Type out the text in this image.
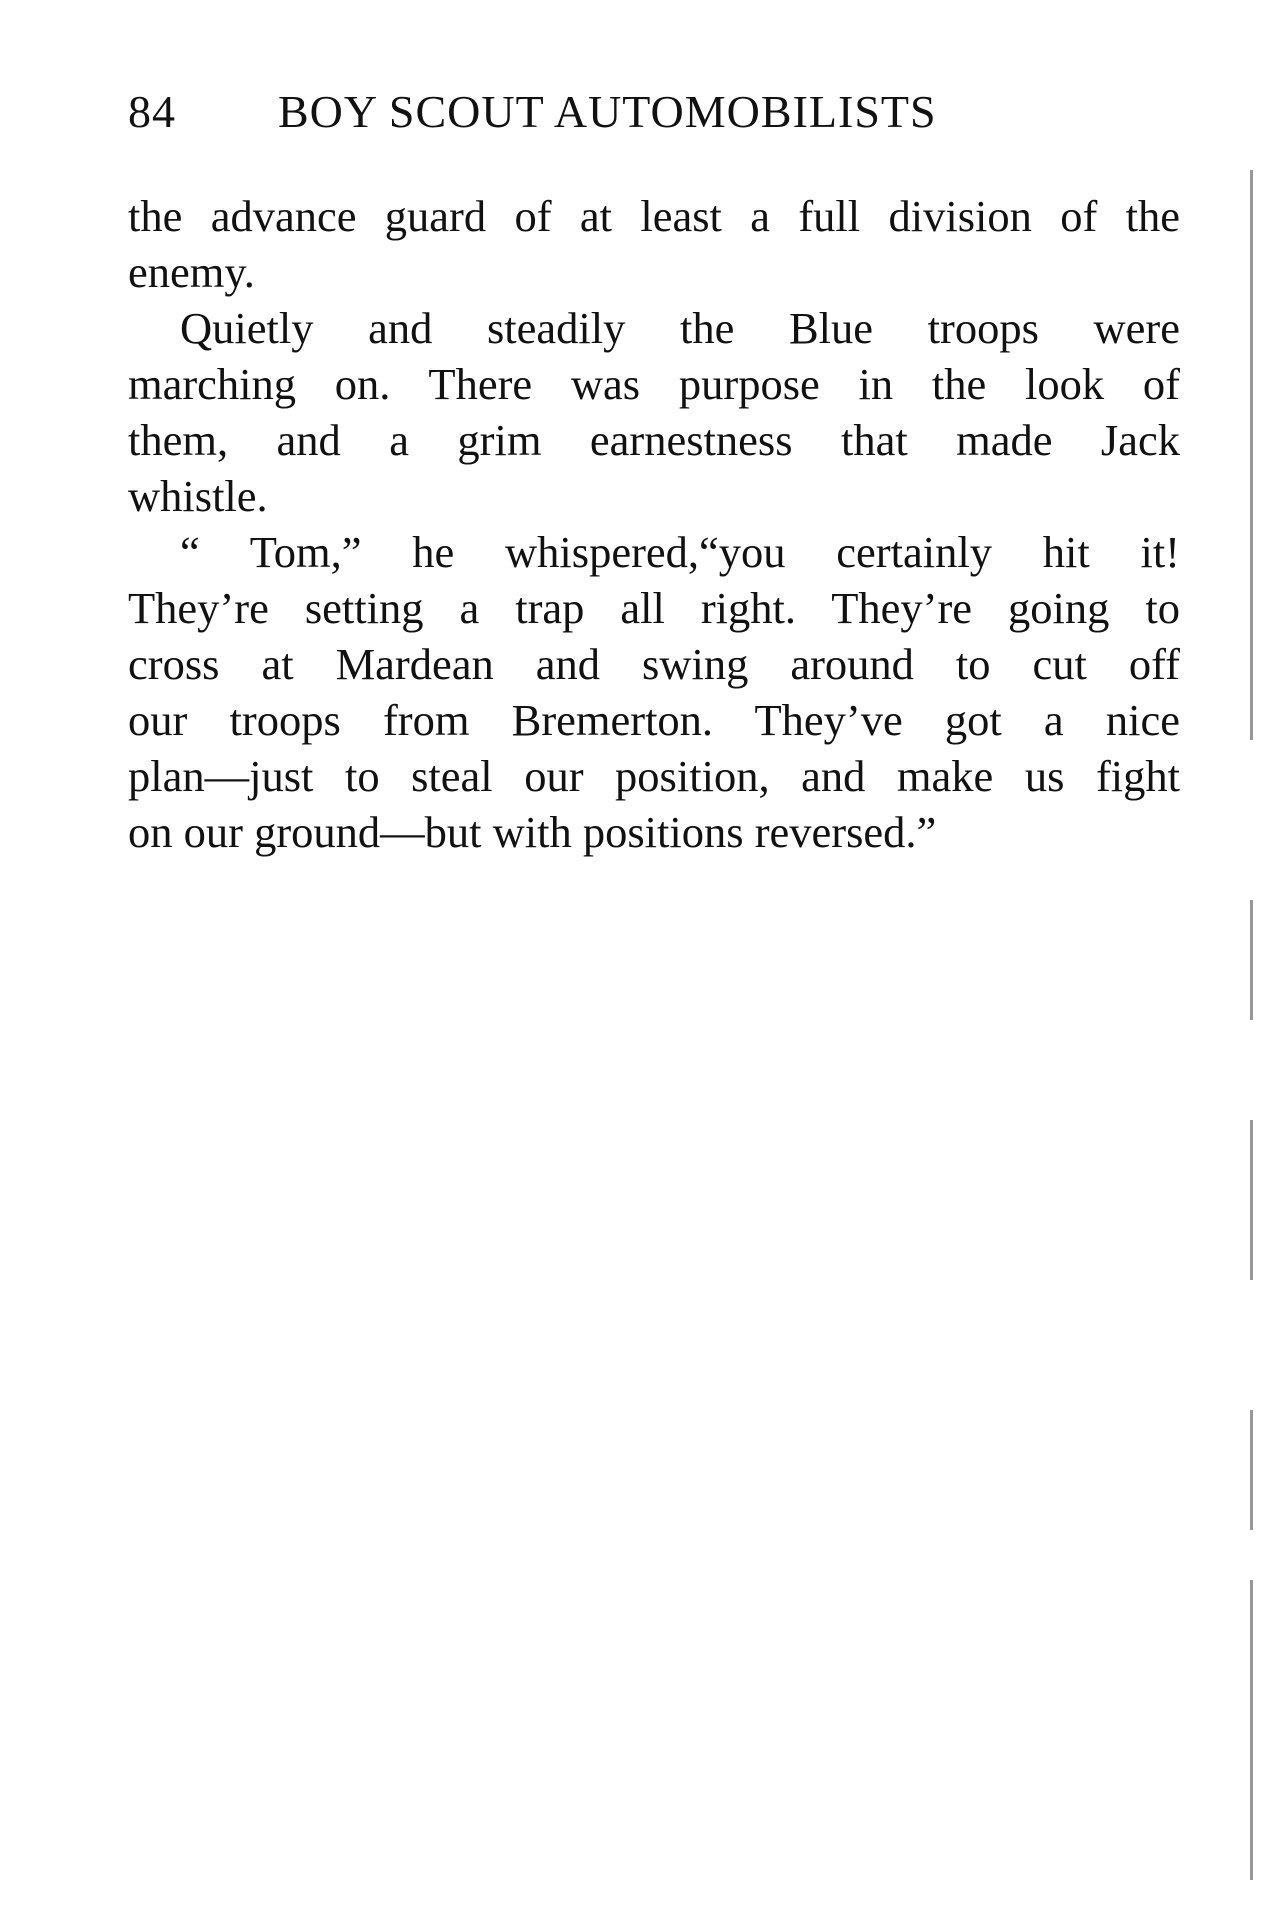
84 BOY SCOUT AUTOMOBILISTS

the advance guard of at least a full division of the
enemy.

Quietly and steadily the Blue troops were
marching on. There was purpose in the look of
them, and a grim earnestness that made Jack
whistle.

“ Tom,” he whispered,“you certainly hit it!
They’re setting a trap all right. They’re going to
cross at Mardean and swing around to cut off
our troops from Bremerton. They’ve got a nice
plan—just to steal our position, and make us fight
on our ground—but with positions reversed.”
